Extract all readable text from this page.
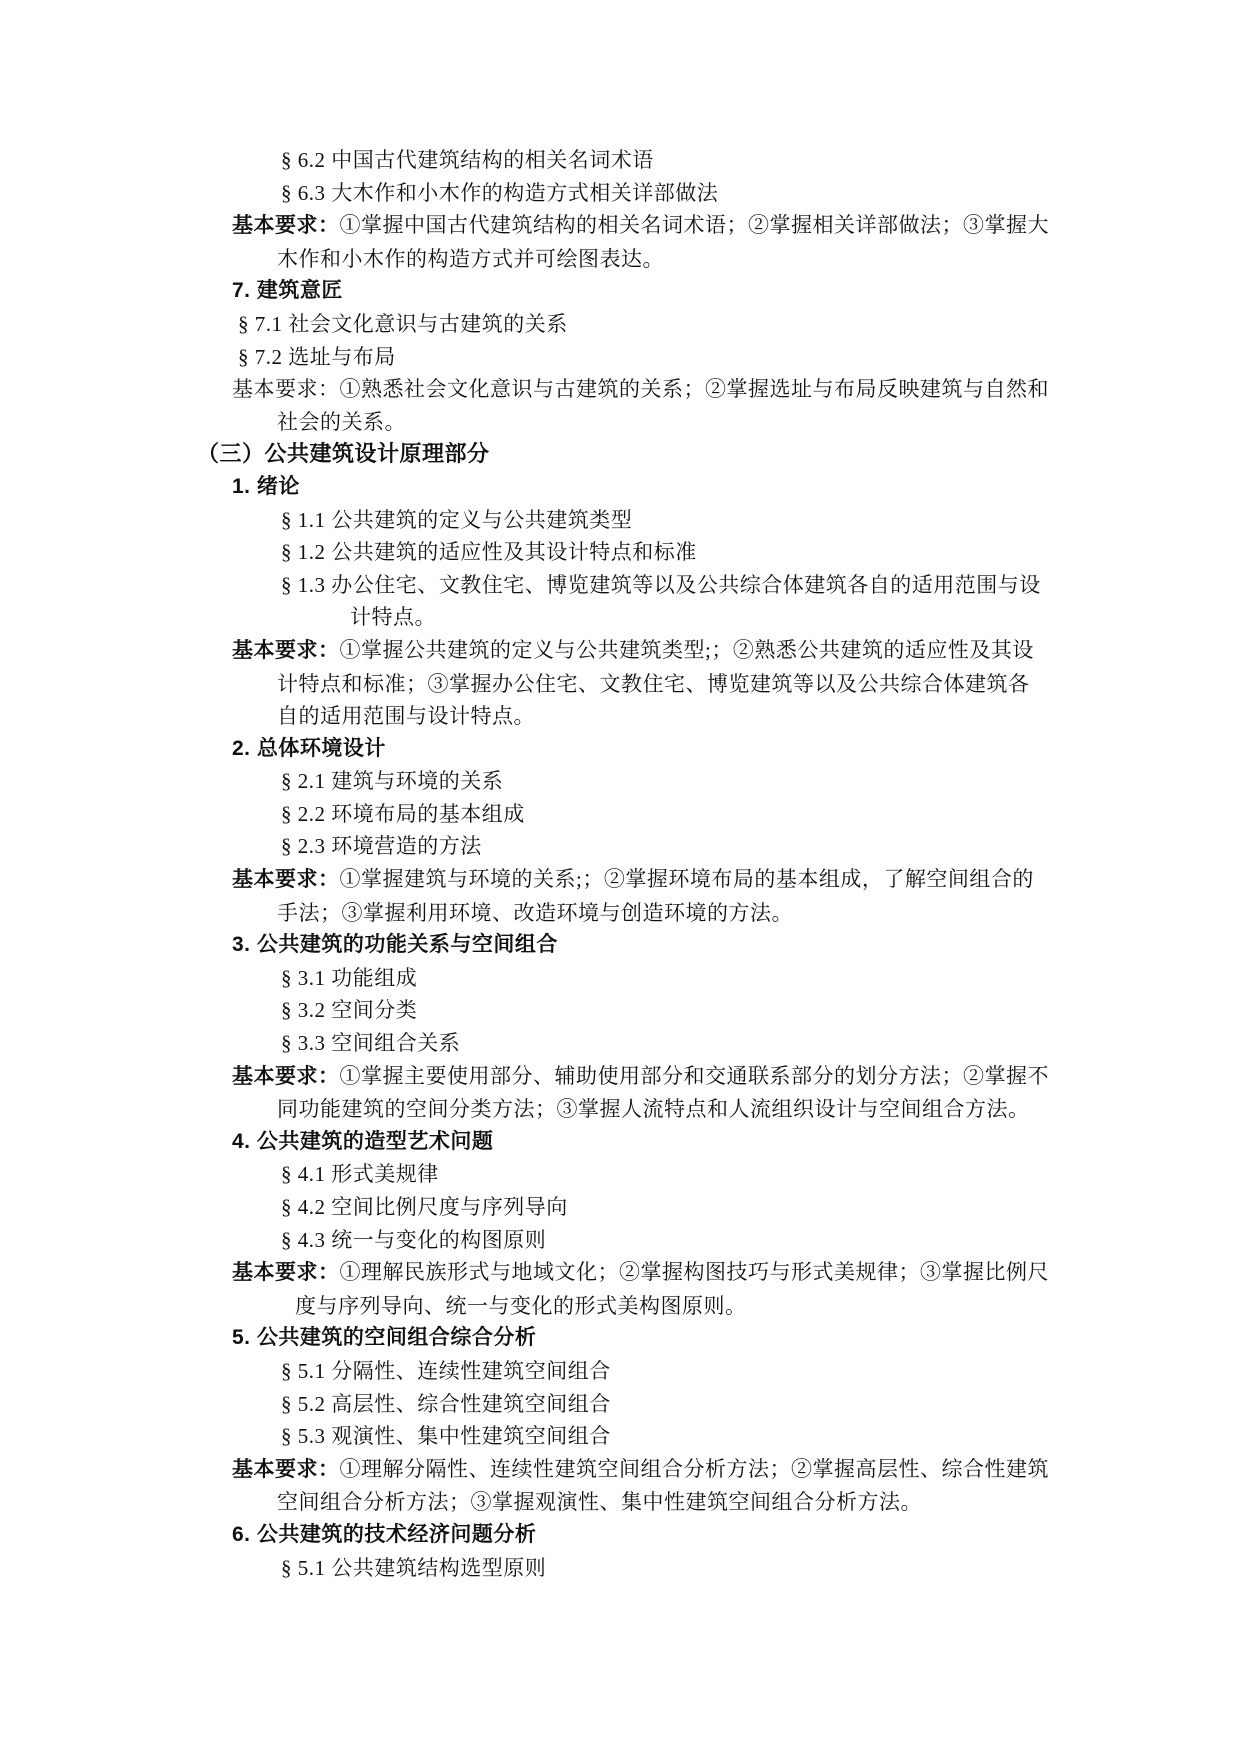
§ 6.2 中国古代建筑结构的相关名词术语
§ 6.3 大木作和小木作的构造方式相关详部做法
基本要求：①掌握中国古代建筑结构的相关名词术语；②掌握相关详部做法；③掌握大
木作和小木作的构造方式并可绘图表达。
7. 建筑意匠
§ 7.1 社会文化意识与古建筑的关系
§ 7.2 选址与布局
基本要求：①熟悉社会文化意识与古建筑的关系；②掌握选址与布局反映建筑与自然和
社会的关系。
（三）公共建筑设计原理部分
1. 绪论
§ 1.1 公共建筑的定义与公共建筑类型
§ 1.2 公共建筑的适应性及其设计特点和标准
§ 1.3 办公住宅、文教住宅、博览建筑等以及公共综合体建筑各自的适用范围与设
计特点。
基本要求：①掌握公共建筑的定义与公共建筑类型;；②熟悉公共建筑的适应性及其设
计特点和标准；③掌握办公住宅、文教住宅、博览建筑等以及公共综合体建筑各
自的适用范围与设计特点。
2. 总体环境设计
§ 2.1 建筑与环境的关系
§ 2.2 环境布局的基本组成
§ 2.3 环境营造的方法
基本要求：①掌握建筑与环境的关系;；②掌握环境布局的基本组成，了解空间组合的
手法；③掌握利用环境、改造环境与创造环境的方法。
3. 公共建筑的功能关系与空间组合
§ 3.1 功能组成
§ 3.2 空间分类
§ 3.3 空间组合关系
基本要求：①掌握主要使用部分、辅助使用部分和交通联系部分的划分方法；②掌握不
同功能建筑的空间分类方法；③掌握人流特点和人流组织设计与空间组合方法。
4. 公共建筑的造型艺术问题
§ 4.1 形式美规律
§ 4.2 空间比例尺度与序列导向
§ 4.3 统一与变化的构图原则
基本要求：①理解民族形式与地域文化；②掌握构图技巧与形式美规律；③掌握比例尺
度与序列导向、统一与变化的形式美构图原则。
5. 公共建筑的空间组合综合分析
§ 5.1 分隔性、连续性建筑空间组合
§ 5.2 高层性、综合性建筑空间组合
§ 5.3 观演性、集中性建筑空间组合
基本要求：①理解分隔性、连续性建筑空间组合分析方法；②掌握高层性、综合性建筑
空间组合分析方法；③掌握观演性、集中性建筑空间组合分析方法。
6. 公共建筑的技术经济问题分析
§ 5.1 公共建筑结构选型原则
